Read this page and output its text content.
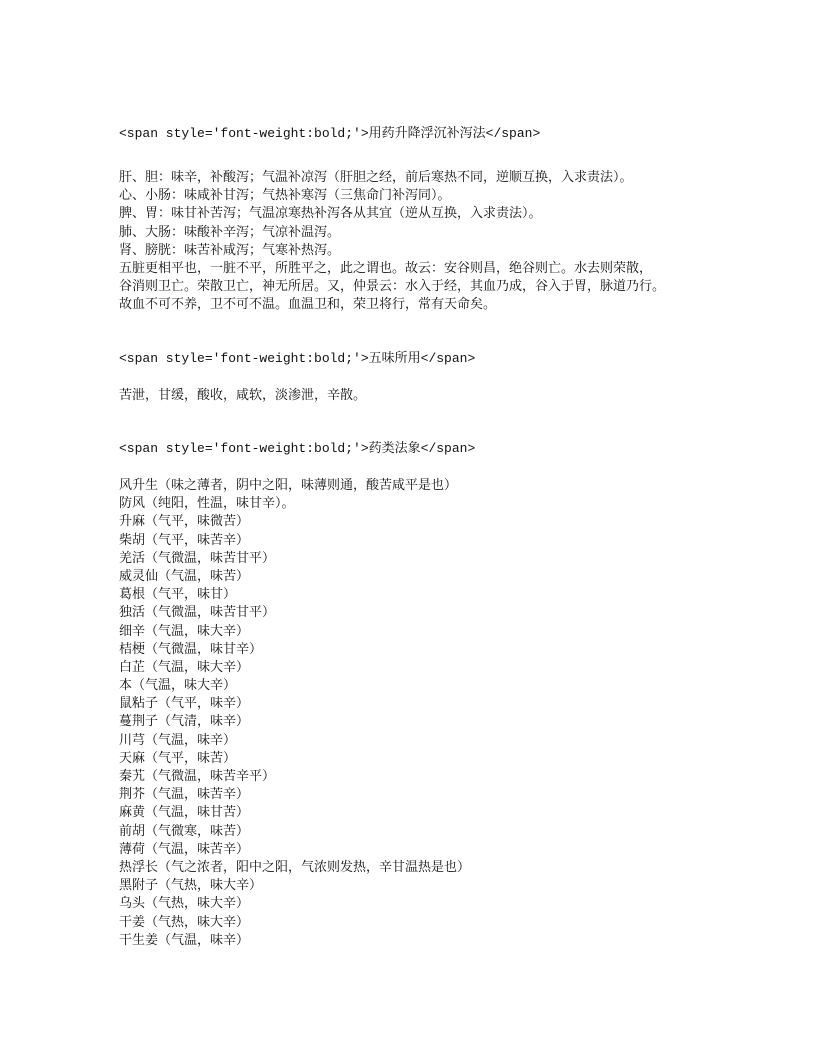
<span style='font-weight:bold;'>用药升降浮沉补泻法</span>
肝、胆：味辛，补酸泻；气温补凉泻（肝胆之经，前后寒热不同，逆顺互换，入求责法）。
心、小肠：味咸补甘泻；气热补寒泻（三焦命门补泻同）。
脾、胃：味甘补苦泻；气温凉寒热补泻各从其宜（逆从互换，入求责法）。
肺、大肠：味酸补辛泻；气凉补温泻。
肾、膀胱：味苦补咸泻；气寒补热泻。
五脏更相平也，一脏不平，所胜平之，此之谓也。故云：安谷则昌，绝谷则亡。水去则荣散，
谷消则卫亡。荣散卫亡，神无所居。又，仲景云：水入于经，其血乃成，谷入于胃，脉道乃行。
故血不可不养，卫不可不温。血温卫和，荣卫将行，常有天命矣。
<span style='font-weight:bold;'>五味所用</span>
苦泄，甘缓，酸收，咸软，淡渗泄，辛散。
<span style='font-weight:bold;'>药类法象</span>
风升生（味之薄者，阴中之阳，味薄则通，酸苦咸平是也）
防风（纯阳，性温，味甘辛）。
升麻（气平，味微苦）
柴胡（气平，味苦辛）
羌活（气微温，味苦甘平）
威灵仙（气温，味苦）
葛根（气平，味甘）
独活（气微温，味苦甘平）
细辛（气温，味大辛）
桔梗（气微温，味甘辛）
白芷（气温，味大辛）
本（气温，味大辛）
鼠粘子（气平，味辛）
蔓荆子（气清，味辛）
川芎（气温，味辛）
天麻（气平，味苦）
秦艽（气微温，味苦辛平）
荆芥（气温，味苦辛）
麻黄（气温，味甘苦）
前胡（气微寒，味苦）
薄荷（气温，味苦辛）
热浮长（气之浓者，阳中之阳，气浓则发热，辛甘温热是也）
黑附子（气热，味大辛）
乌头（气热，味大辛）
干姜（气热，味大辛）
干生姜（气温，味辛）
